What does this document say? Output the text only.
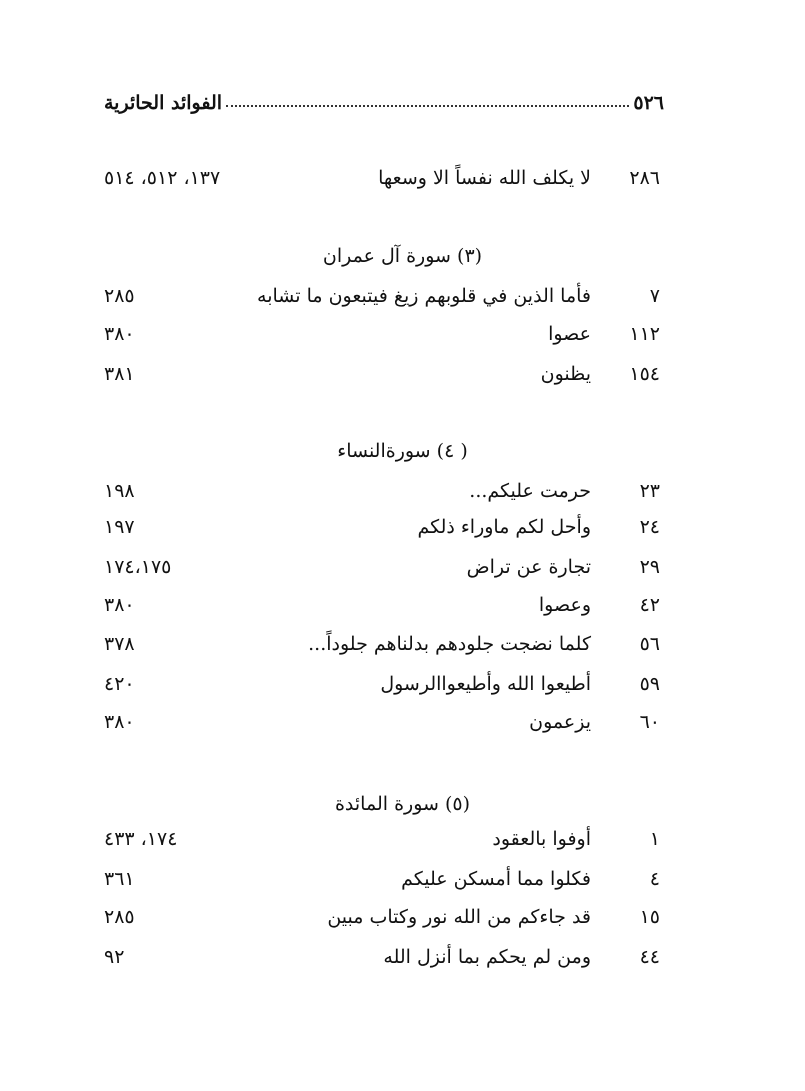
٥٢٦
الفوائد الحائرية
٢٨٦
لا يكلف الله نفساً الا وسعها
١٣٧، ٥١٢، ٥١٤
(٣) سورة آل عمران
٧
فأما الذين في قلوبهم زيغ فيتبعون ما تشابه
٢٨٥
١١٢
عصوا
٣٨٠
١٥٤
يظنون
٣٨١
( ٤) سورةالنساء
٢٣
حرمت عليكم...
١٩٨
٢٤
وأحل لكم ماوراء ذلكم
١٩٧
٢٩
تجارة عن تراض
١٧٤،١٧٥
٤٢
وعصوا
٣٨٠
٥٦
كلما نضجت جلودهم بدلناهم جلوداً...
٣٧٨
٥٩
أطيعوا الله وأطيعواالرسول
٤٢٠
٦٠
يزعمون
٣٨٠
(٥) سورة المائدة
١
أوفوا بالعقود
١٧٤، ٤٣٣
٤
فكلوا مما أمسكن عليكم
٣٦١
١٥
قد جاءكم من الله نور وكتاب مبين
٢٨٥
٤٤
ومن لم يحكم بما أنزل الله
٩٢
